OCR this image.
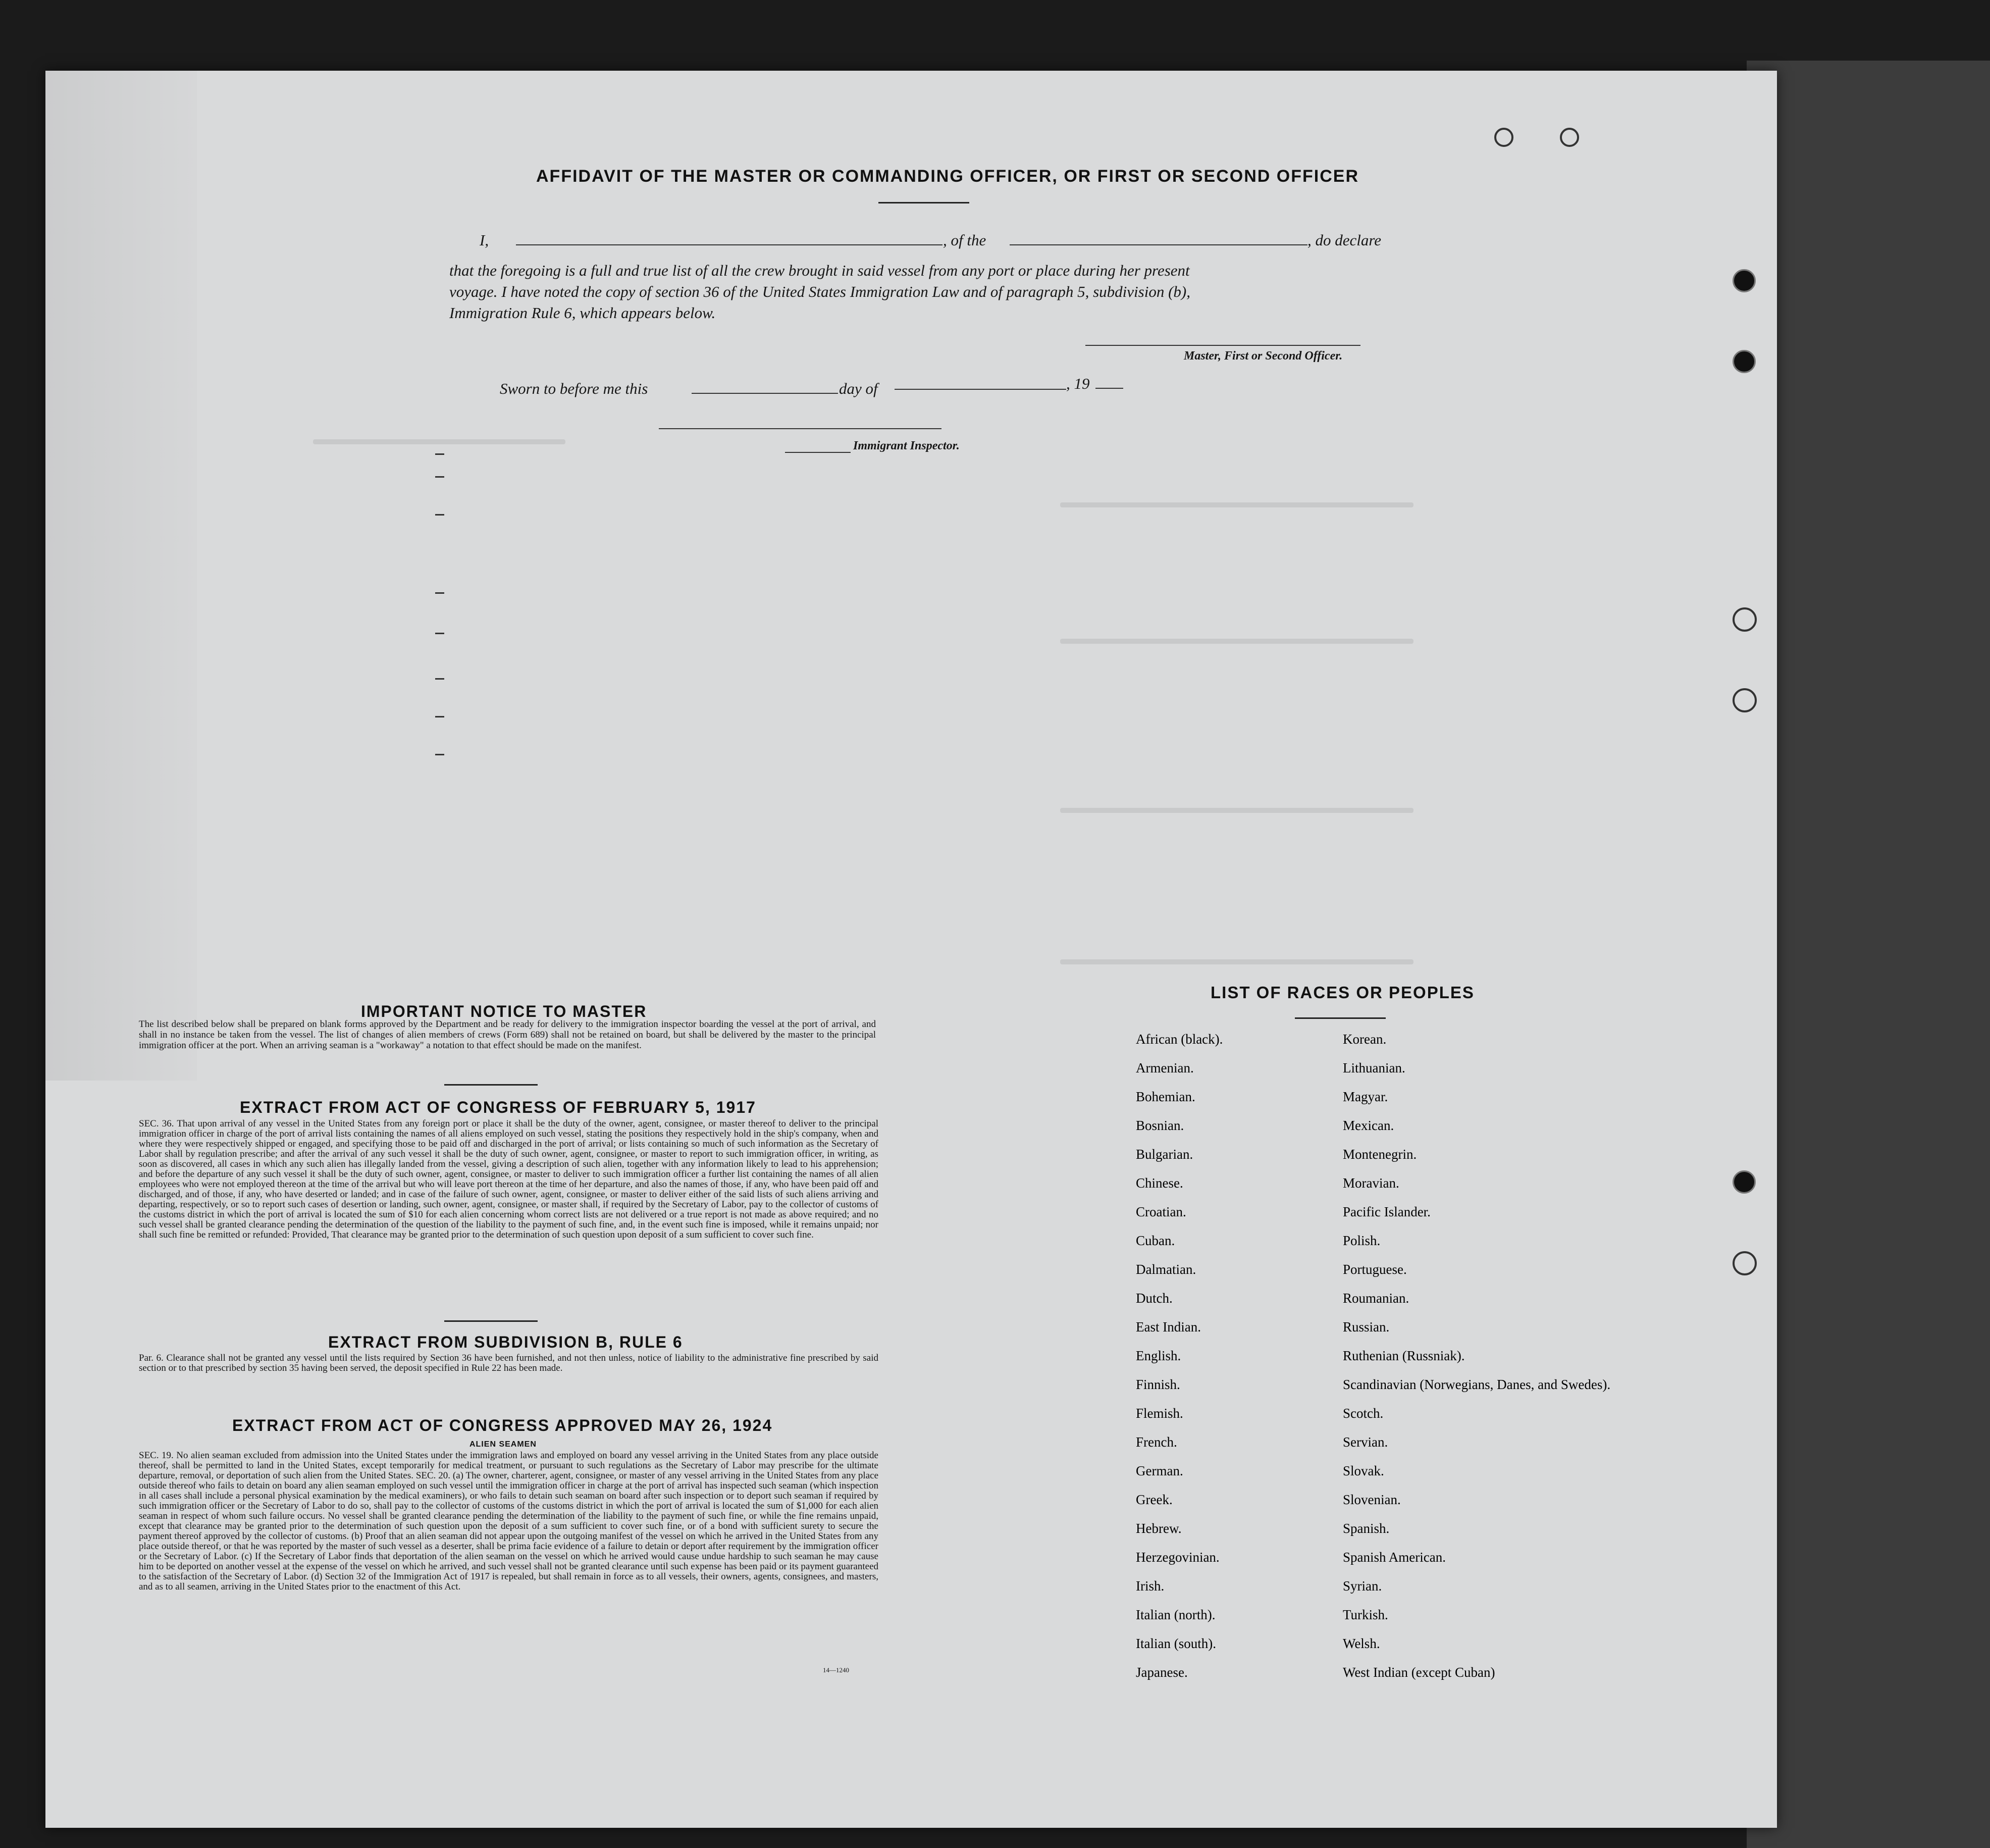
AFFIDAVIT OF THE MASTER OR COMMANDING OFFICER, OR FIRST OR SECOND OFFICER
I,	, of the	, do declare
that the foregoing is a full and true list of all the crew brought in said vessel from any port or place during her present
voyage. I have noted the copy of section 36 of the United States Immigration Law and of paragraph 5, subdivision (b),
Immigration Rule 6, which appears below.
Master, First or Second Officer.
Sworn to before me this	day of	, 19
Immigrant Inspector.
IMPORTANT NOTICE TO MASTER
The list described below shall be prepared on blank forms approved by the Department and be ready for delivery to the immigration inspector boarding the vessel at the port of arrival, and shall in no instance be taken from the vessel. The list of changes of alien members of crews (Form 689) shall not be retained on board, but shall be delivered by the master to the principal immigration officer at the port. When an arriving seaman is a "workaway" a notation to that effect should be made on the manifest.
EXTRACT FROM ACT OF CONGRESS OF FEBRUARY 5, 1917
SEC. 36. That upon arrival of any vessel in the United States from any foreign port or place it shall be the duty of the owner, agent, consignee, or master thereof to deliver to the principal immigration officer in charge of the port of arrival lists containing the names of all aliens employed on such vessel, stating the positions they respectively hold in the ship's company, when and where they were respectively shipped or engaged, and specifying those to be paid off and discharged in the port of arrival; or lists containing so much of such information as the Secretary of Labor shall by regulation prescribe; and after the arrival of any such vessel it shall be the duty of such owner, agent, consignee, or master to report to such immigration officer, in writing, as soon as discovered, all cases in which any such alien has illegally landed from the vessel, giving a description of such alien, together with any information likely to lead to his apprehension; and before the departure of any such vessel it shall be the duty of such owner, agent, consignee, or master to deliver to such immigration officer a further list containing the names of all alien employees who were not employed thereon at the time of the arrival but who will leave port thereon at the time of her departure, and also the names of those, if any, who have been paid off and discharged, and of those, if any, who have deserted or landed; and in case of the failure of such owner, agent, consignee, or master to deliver either of the said lists of such aliens arriving and departing, respectively, or so to report such cases of desertion or landing, such owner, agent, consignee, or master shall, if required by the Secretary of Labor, pay to the collector of customs of the customs district in which the port of arrival is located the sum of $10 for each alien concerning whom correct lists are not delivered or a true report is not made as above required; and no such vessel shall be granted clearance pending the determination of the question of the liability to the payment of such fine, and, in the event such fine is imposed, while it remains unpaid; nor shall such fine be remitted or refunded: Provided, That clearance may be granted prior to the determination of such question upon deposit of a sum sufficient to cover such fine.
EXTRACT FROM SUBDIVISION B, RULE 6
Par. 6. Clearance shall not be granted any vessel until the lists required by Section 36 have been furnished, and not then unless, notice of liability to the administrative fine prescribed by said section or to that prescribed by section 35 having been served, the deposit specified in Rule 22 has been made.
EXTRACT FROM ACT OF CONGRESS APPROVED MAY 26, 1924
ALIEN SEAMEN
SEC. 19. No alien seaman excluded from admission into the United States under the immigration laws and employed on board any vessel arriving in the United States from any place outside thereof, shall be permitted to land in the United States, except temporarily for medical treatment, or pursuant to such regulations as the Secretary of Labor may prescribe for the ultimate departure, removal, or deportation of such alien from the United States. SEC. 20. (a) The owner, charterer, agent, consignee, or master of any vessel arriving in the United States from any place outside thereof who fails to detain on board any alien seaman employed on such vessel until the immigration officer in charge at the port of arrival has inspected such seaman (which inspection in all cases shall include a personal physical examination by the medical examiners), or who fails to detain such seaman on board after such inspection or to deport such seaman if required by such immigration officer or the Secretary of Labor to do so, shall pay to the collector of customs of the customs district in which the port of arrival is located the sum of $1,000 for each alien seaman in respect of whom such failure occurs. No vessel shall be granted clearance pending the determination of the liability to the payment of such fine, or while the fine remains unpaid, except that clearance may be granted prior to the determination of such question upon the deposit of a sum sufficient to cover such fine, or of a bond with sufficient surety to secure the payment thereof approved by the collector of customs. (b) Proof that an alien seaman did not appear upon the outgoing manifest of the vessel on which he arrived in the United States from any place outside thereof, or that he was reported by the master of such vessel as a deserter, shall be prima facie evidence of a failure to detain or deport after requirement by the immigration officer or the Secretary of Labor. (c) If the Secretary of Labor finds that deportation of the alien seaman on the vessel on which he arrived would cause undue hardship to such seaman he may cause him to be deported on another vessel at the expense of the vessel on which he arrived, and such vessel shall not be granted clearance until such expense has been paid or its payment guaranteed to the satisfaction of the Secretary of Labor. (d) Section 32 of the Immigration Act of 1917 is repealed, but shall remain in force as to all vessels, their owners, agents, consignees, and masters, and as to all seamen, arriving in the United States prior to the enactment of this Act.
14—1240
LIST OF RACES OR PEOPLES
African (black).	Korean.
Armenian.	Lithuanian.
Bohemian.	Magyar.
Bosnian.	Mexican.
Bulgarian.	Montenegrin.
Chinese.	Moravian.
Croatian.	Pacific Islander.
Cuban.	Polish.
Dalmatian.	Portuguese.
Dutch.	Roumanian.
East Indian.	Russian.
English.	Ruthenian (Russniak).
Finnish.	Scandinavian (Norwegians, Danes, and Swedes).
Flemish.	Scotch.
French.	Servian.
German.	Slovak.
Greek.	Slovenian.
Hebrew.	Spanish.
Herzegovinian.	Spanish American.
Irish.	Syrian.
Italian (north).	Turkish.
Italian (south).	Welsh.
Japanese.	West Indian (except Cuban)
